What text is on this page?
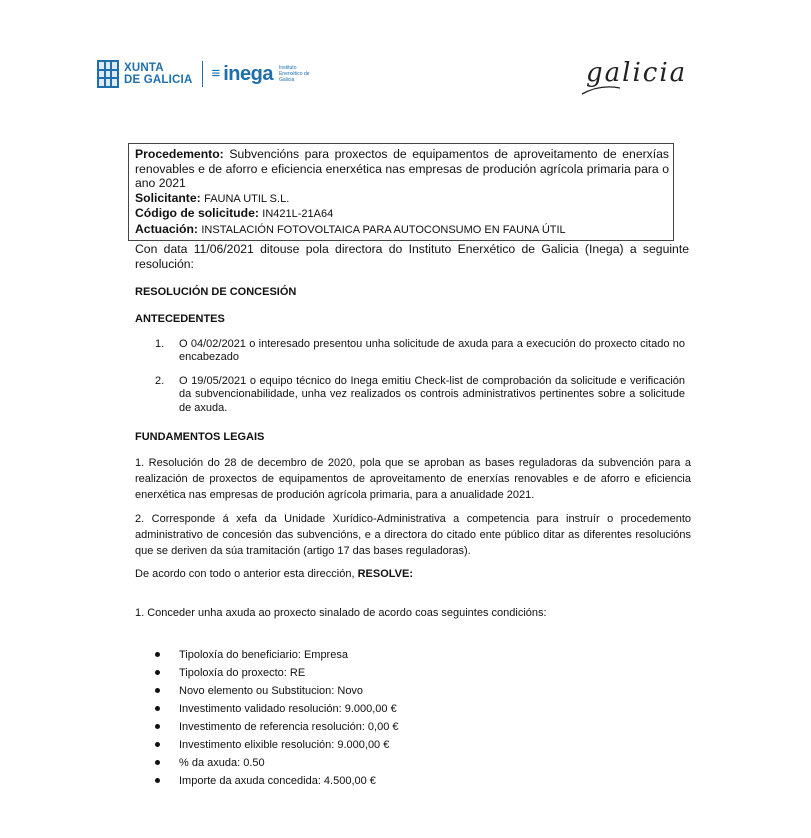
XUNTA
DE GALICIA ≡ inega Instituto Enerxético de Galicia	galicia
Procedemento: Subvencións para proxectos de equipamentos de aproveitamento de enerxías renovables e de aforro e eficiencia enerxética nas empresas de produción agrícola primaria para o ano 2021
Solicitante: FAUNA UTIL S.L.
Código de solicitude: IN421L-21A64
Actuación: INSTALACIÓN FOTOVOLTAICA PARA AUTOCONSUMO EN FAUNA ÚTIL
Con data 11/06/2021 ditouse pola directora do Instituto Enerxético de Galicia (Inega) a seguinte resolución:
RESOLUCIÓN DE CONCESIÓN
ANTECEDENTES
1. O 04/02/2021 o interesado presentou unha solicitude de axuda para a execución do proxecto citado no encabezado
2. O 19/05/2021 o equipo técnico do Inega emitiu Check-list de comprobación da solicitude e verificación da subvencionabilidade, unha vez realizados os controis administrativos pertinentes sobre a solicitude de axuda.
FUNDAMENTOS LEGAIS
1. Resolución do 28 de decembro de 2020, pola que se aproban as bases reguladoras da subvención para a realización de proxectos de equipamentos de aproveitamento de enerxías renovables e de aforro e eficiencia enerxética nas empresas de produción agrícola primaria, para a anualidade 2021.
2. Corresponde á xefa da Unidade Xurídico-Administrativa a competencia para instruír o procedemento administrativo de concesión das subvencións, e a directora do citado ente público ditar as diferentes resolucións que se deriven da súa tramitación (artigo 17 das bases reguladoras).
De acordo con todo o anterior esta dirección, RESOLVE:
1. Conceder unha axuda ao proxecto sinalado de acordo coas seguintes condicións:
Tipoloxía do beneficiario: Empresa
Tipoloxía do proxecto: RE
Novo elemento ou Substitucion: Novo
Investimento validado resolución: 9.000,00 €
Investimento de referencia resolución: 0,00 €
Investimento elixible resolución: 9.000,00 €
% da axuda: 0.50
Importe da axuda concedida: 4.500,00 €
